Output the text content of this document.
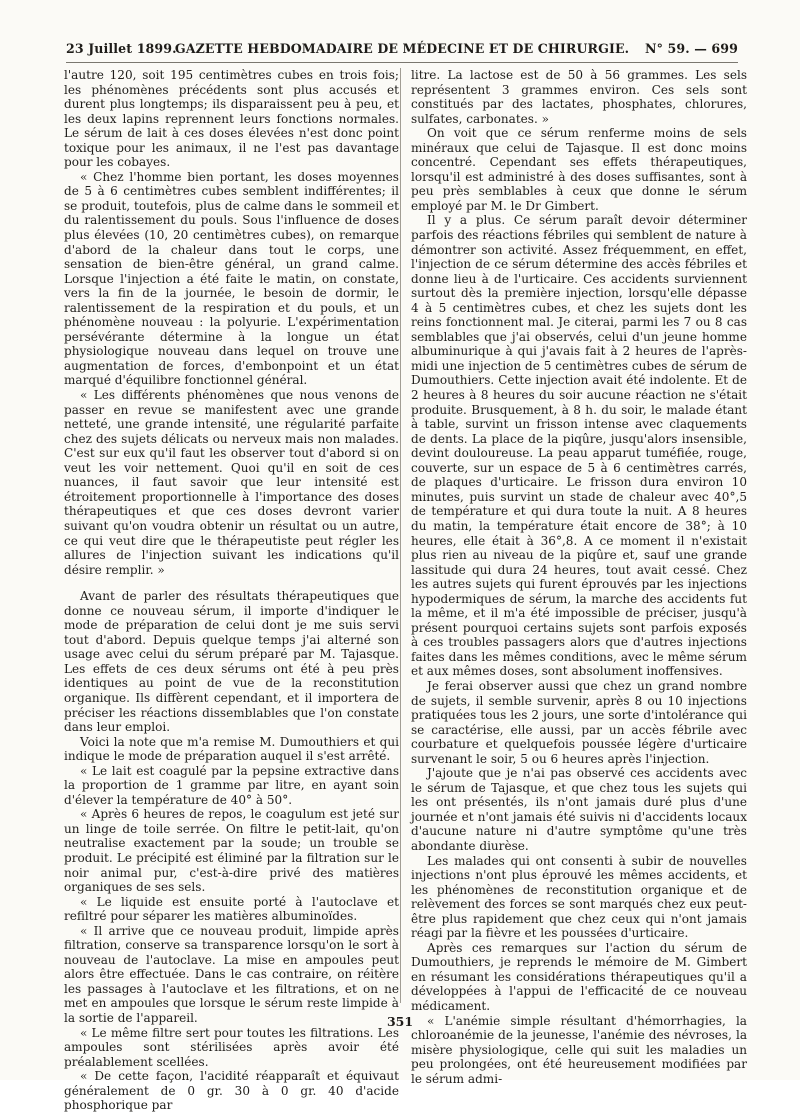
23 Juillet 1899.
GAZETTE HEBDOMADAIRE DE MÉDECINE ET DE CHIRURGIE.	N° 59. — 699

l'autre 120, soit 195 centimètres cubes en trois fois; les phénomènes précédents sont plus accusés et durent plus longtemps; ils disparaissent peu à peu, et les deux lapins reprennent leurs fonctions normales. Le sérum de lait à ces doses élevées n'est donc point toxique pour les animaux, il ne l'est pas davantage pour les cobayes.

« Chez l'homme bien portant, les doses moyennes de 5 à 6 centimètres cubes semblent indifférentes; il se produit, toutefois, plus de calme dans le sommeil et du ralentissement du pouls. Sous l'influence de doses plus élevées (10, 20 centimètres cubes), on remarque d'abord de la chaleur dans tout le corps, une sensation de bien-être général, un grand calme. Lorsque l'injection a été faite le matin, on constate, vers la fin de la journée, le besoin de dormir, le ralentissement de la respiration et du pouls, et un phénomène nouveau : la polyurie. L'expérimentation persévérante détermine à la longue un état physiologique nouveau dans lequel on trouve une augmentation de forces, d'embonpoint et un état marqué d'équilibre fonctionnel général.

« Les différents phénomènes que nous venons de passer en revue se manifestent avec une grande netteté, une grande intensité, une régularité parfaite chez des sujets délicats ou nerveux mais non malades. C'est sur eux qu'il faut les observer tout d'abord si on veut les voir nettement. Quoi qu'il en soit de ces nuances, il faut savoir que leur intensité est étroitement proportionnelle à l'importance des doses thérapeutiques et que ces doses devront varier suivant qu'on voudra obtenir un résultat ou un autre, ce qui veut dire que le thérapeutiste peut régler les allures de l'injection suivant les indications qu'il désire remplir. »

Avant de parler des résultats thérapeutiques que donne ce nouveau sérum, il importe d'indiquer le mode de préparation de celui dont je me suis servi tout d'abord. Depuis quelque temps j'ai alterné son usage avec celui du sérum préparé par M. Tajasque. Les effets de ces deux sérums ont été à peu près identiques au point de vue de la reconstitution organique. Ils diffèrent cependant, et il importera de préciser les réactions dissemblables que l'on constate dans leur emploi.

Voici la note que m'a remise M. Dumouthiers et qui indique le mode de préparation auquel il s'est arrêté.

« Le lait est coagulé par la pepsine extractive dans la proportion de 1 gramme par litre, en ayant soin d'élever la température de 40° à 50°.

« Après 6 heures de repos, le coagulum est jeté sur un linge de toile serrée. On filtre le petit-lait, qu'on neutralise exactement par la soude; un trouble se produit. Le précipité est éliminé par la filtration sur le noir animal pur, c'est-à-dire privé des matières organiques de ses sels.

« Le liquide est ensuite porté à l'autoclave et refiltré pour séparer les matières albuminoïdes.

« Il arrive que ce nouveau produit, limpide après filtration, conserve sa transparence lorsqu'on le sort à nouveau de l'autoclave. La mise en ampoules peut alors être effectuée. Dans le cas contraire, on réitère les passages à l'autoclave et les filtrations, et on ne met en ampoules que lorsque le sérum reste limpide à la sortie de l'appareil.

« Le même filtre sert pour toutes les filtrations. Les ampoules sont stérilisées après avoir été préalablement scellées.

« De cette façon, l'acidité réapparaît et équivaut généralement de 0 gr. 30 à 0 gr. 40 d'acide phosphorique par

litre. La lactose est de 50 à 56 grammes. Les sels représentent 3 grammes environ. Ces sels sont constitués par des lactates, phosphates, chlorures, sulfates, carbonates. »

On voit que ce sérum renferme moins de sels minéraux que celui de Tajasque. Il est donc moins concentré. Cependant ses effets thérapeutiques, lorsqu'il est administré à des doses suffisantes, sont à peu près semblables à ceux que donne le sérum employé par M. le Dr Gimbert.

Il y a plus. Ce sérum paraît devoir déterminer parfois des réactions fébriles qui semblent de nature à démontrer son activité. Assez fréquemment, en effet, l'injection de ce sérum détermine des accès fébriles et donne lieu à de l'urticaire. Ces accidents surviennent surtout dès la première injection, lorsqu'elle dépasse 4 à 5 centimètres cubes, et chez les sujets dont les reins fonctionnent mal. Je citerai, parmi les 7 ou 8 cas semblables que j'ai observés, celui d'un jeune homme albuminurique à qui j'avais fait à 2 heures de l'après-midi une injection de 5 centimètres cubes de sérum de Dumouthiers. Cette injection avait été indolente. Et de 2 heures à 8 heures du soir aucune réaction ne s'était produite. Brusquement, à 8 h. du soir, le malade étant à table, survint un frisson intense avec claquements de dents. La place de la piqûre, jusqu'alors insensible, devint douloureuse. La peau apparut tuméfiée, rouge, couverte, sur un espace de 5 à 6 centimètres carrés, de plaques d'urticaire. Le frisson dura environ 10 minutes, puis survint un stade de chaleur avec 40°,5 de température et qui dura toute la nuit. A 8 heures du matin, la température était encore de 38°; à 10 heures, elle était à 36°,8. A ce moment il n'existait plus rien au niveau de la piqûre et, sauf une grande lassitude qui dura 24 heures, tout avait cessé. Chez les autres sujets qui furent éprouvés par les injections hypodermiques de sérum, la marche des accidents fut la même, et il m'a été impossible de préciser, jusqu'à présent pourquoi certains sujets sont parfois exposés à ces troubles passagers alors que d'autres injections faites dans les mêmes conditions, avec le même sérum et aux mêmes doses, sont absolument inoffensives.

Je ferai observer aussi que chez un grand nombre de sujets, il semble survenir, après 8 ou 10 injections pratiquées tous les 2 jours, une sorte d'intolérance qui se caractérise, elle aussi, par un accès fébrile avec courbature et quelquefois poussée légère d'urticaire survenant le soir, 5 ou 6 heures après l'injection.

J'ajoute que je n'ai pas observé ces accidents avec le sérum de Tajasque, et que chez tous les sujets qui les ont présentés, ils n'ont jamais duré plus d'une journée et n'ont jamais été suivis ni d'accidents locaux d'aucune nature ni d'autre symptôme qu'une très abondante diurèse.

Les malades qui ont consenti à subir de nouvelles injections n'ont plus éprouvé les mêmes accidents, et les phénomènes de reconstitution organique et de relèvement des forces se sont marqués chez eux peut-être plus rapidement que chez ceux qui n'ont jamais réagi par la fièvre et les poussées d'urticaire.

Après ces remarques sur l'action du sérum de Dumouthiers, je reprends le mémoire de M. Gimbert en résumant les considérations thérapeutiques qu'il a développées à l'appui de l'efficacité de ce nouveau médicament.

« L'anémie simple résultant d'hémorrhagies, la chloroanémie de la jeunesse, l'anémie des névroses, la misère physiologique, celle qui suit les maladies un peu prolongées, ont été heureusement modifiées par le sérum admi-

351
